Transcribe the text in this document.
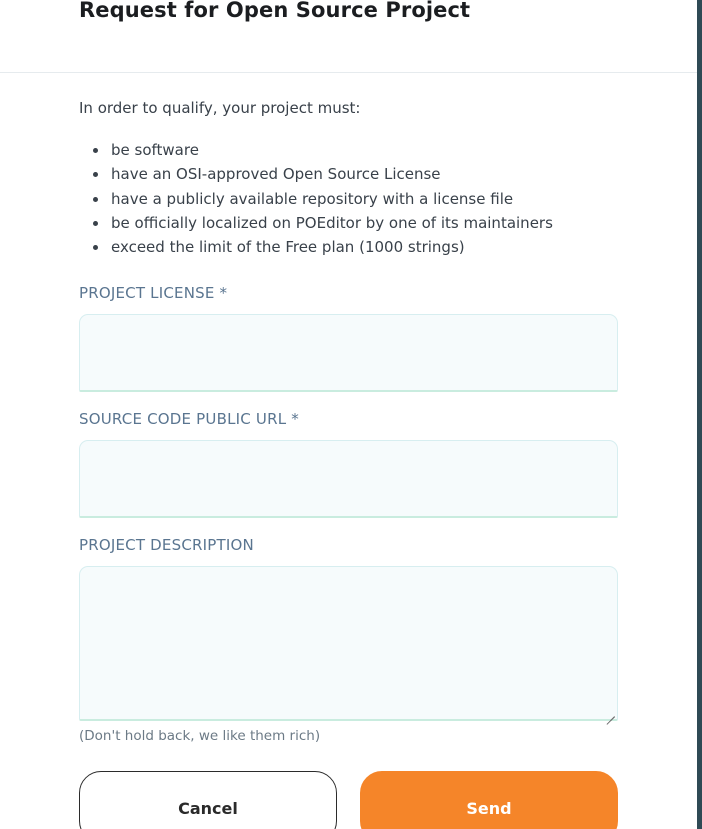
Request for Open Source Project

In order to qualify, your project must:

be software
have an OSI-approved Open Source License
have a publicly available repository with a license file
be officially localized on POEditor by one of its maintainers
exceed the limit of the Free plan (1000 strings)
PROJECT LICENSE *
SOURCE CODE PUBLIC URL *
PROJECT DESCRIPTION

(Don't hold back, we like them rich)

Cancel	Send
